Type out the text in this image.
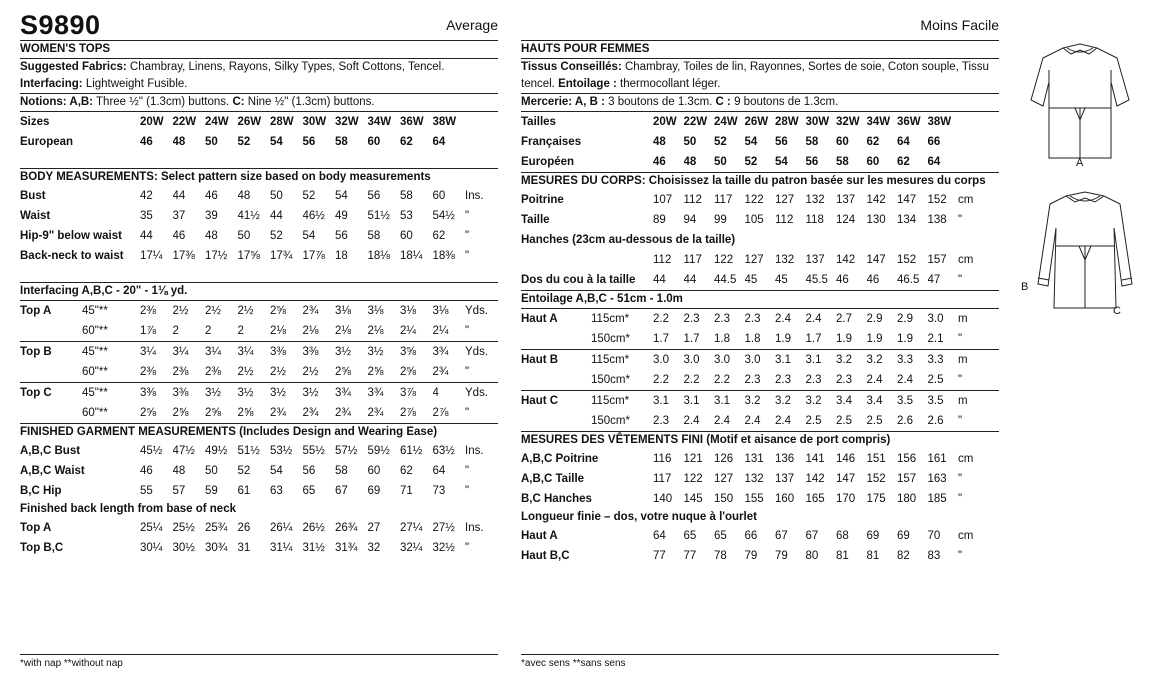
S9890	Average
WOMEN'S TOPS
Suggested Fabrics: Chambray, Linens, Rayons, Silky Types, Soft Cottons, Tencel.
Interfacing: Lightweight Fusible.
Notions: A,B: Three ½" (1.3cm) buttons. C: Nine ½" (1.3cm) buttons.
Sizes		20W	22W	24W	26W	28W	30W	32W	34W	36W	38W	
European		46	48	50	52	54	56	58	60	62	64	
BODY MEASUREMENTS: Select pattern size based on body measurements
Bust		42	44	46	48	50	52	54	56	58	60	Ins.
Waist		35	37	39	41½	44	46½	49	51½	53	54½	"
Hip-9" below waist		44	46	48	50	52	54	56	58	60	62	"
Back-neck to waist		17¼	17⅜	17½	17⅝	17¾	17⅞	18	18⅛	18¼	18⅜	"
Interfacing A,B,C - 20" - 1⅛ yd.
Top A	45"**	2⅜	2½	2½	2½	2⅝	2¾	3⅛	3⅛	3⅛	3⅛	Yds.
	60"**	1⅞	2	2	2	2⅛	2⅛	2⅛	2⅛	2¼	2¼	"
Top B	45"**	3¼	3¼	3¼	3¼	3⅜	3⅜	3½	3½	3⅝	3¾	Yds.
	60"**	2⅜	2⅜	2⅜	2½	2½	2½	2⅝	2⅝	2⅝	2¾	"
Top C	45"**	3⅜	3⅜	3½	3½	3½	3½	3¾	3¾	3⅞	4	Yds.
	60"**	2⅝	2⅝	2⅝	2⅝	2¾	2¾	2¾	2¾	2⅞	2⅞	"
FINISHED GARMENT MEASUREMENTS (Includes Design and Wearing Ease)
A,B,C Bust		45½	47½	49½	51½	53½	55½	57½	59½	61½	63½	Ins.
A,B,C Waist		46	48	50	52	54	56	58	60	62	64	"
B,C Hip		55	57	59	61	63	65	67	69	71	73	"
Finished back length from base of neck
Top A		25¼	25½	25¾	26	26¼	26½	26¾	27	27¼	27½	Ins.
Top B,C		30¼	30½	30¾	31	31¼	31½	31¾	32	32¼	32½	"
Moins Facile
HAUTS POUR FEMMES
Tissus Conseillés: Chambray, Toiles de lin, Rayonnes, Sortes de soie, Coton souple, Tissu tencel. Entoilage : thermocollant léger.
Mercerie: A, B : 3 boutons de 1.3cm. C : 9 boutons de 1.3cm.
Tailles		20W	22W	24W	26W	28W	30W	32W	34W	36W	38W	
Françaises		48	50	52	54	56	58	60	62	64	66	
Européen		46	48	50	52	54	56	58	60	62	64	
MESURES DU CORPS: Choisissez la taille du patron basée sur les mesures du corps
Poitrine		107	112	117	122	127	132	137	142	147	152	cm
Taille		89	94	99	105	112	118	124	130	134	138	"
Hanches (23cm au-dessous de la taille)											
		112	117	122	127	132	137	142	147	152	157	cm
Dos du cou à la taille		44	44	44.5	45	45	45.5	46	46	46.5	47	"
Entoilage A,B,C - 51cm - 1.0m
Haut A	115cm*	2.2	2.3	2.3	2.3	2.4	2.4	2.7	2.9	2.9	3.0	m
	150cm*	1.7	1.7	1.8	1.8	1.9	1.7	1.9	1.9	1.9	2.1	"
Haut B	115cm*	3.0	3.0	3.0	3.0	3.1	3.1	3.2	3.2	3.3	3.3	m
	150cm*	2.2	2.2	2.2	2.3	2.3	2.3	2.3	2.4	2.4	2.5	"
Haut C	115cm*	3.1	3.1	3.1	3.2	3.2	3.2	3.4	3.4	3.5	3.5	m
	150cm*	2.3	2.4	2.4	2.4	2.4	2.5	2.5	2.5	2.6	2.6	"
MESURES DES VÊTEMENTS FINI (Motif et aisance de port compris)
A,B,C Poitrine		116	121	126	131	136	141	146	151	156	161	cm
A,B,C Taille		117	122	127	132	137	142	147	152	157	163	"
B,C Hanches		140	145	150	155	160	165	170	175	180	185	"
Longueur finie – dos, votre nuque à l'ourlet
Haut A		64	65	65	66	67	67	68	69	69	70	cm
Haut B,C		77	77	78	79	79	80	81	81	82	83	"
*with nap **without nap	*avec sens **sans sens
A
B
C
